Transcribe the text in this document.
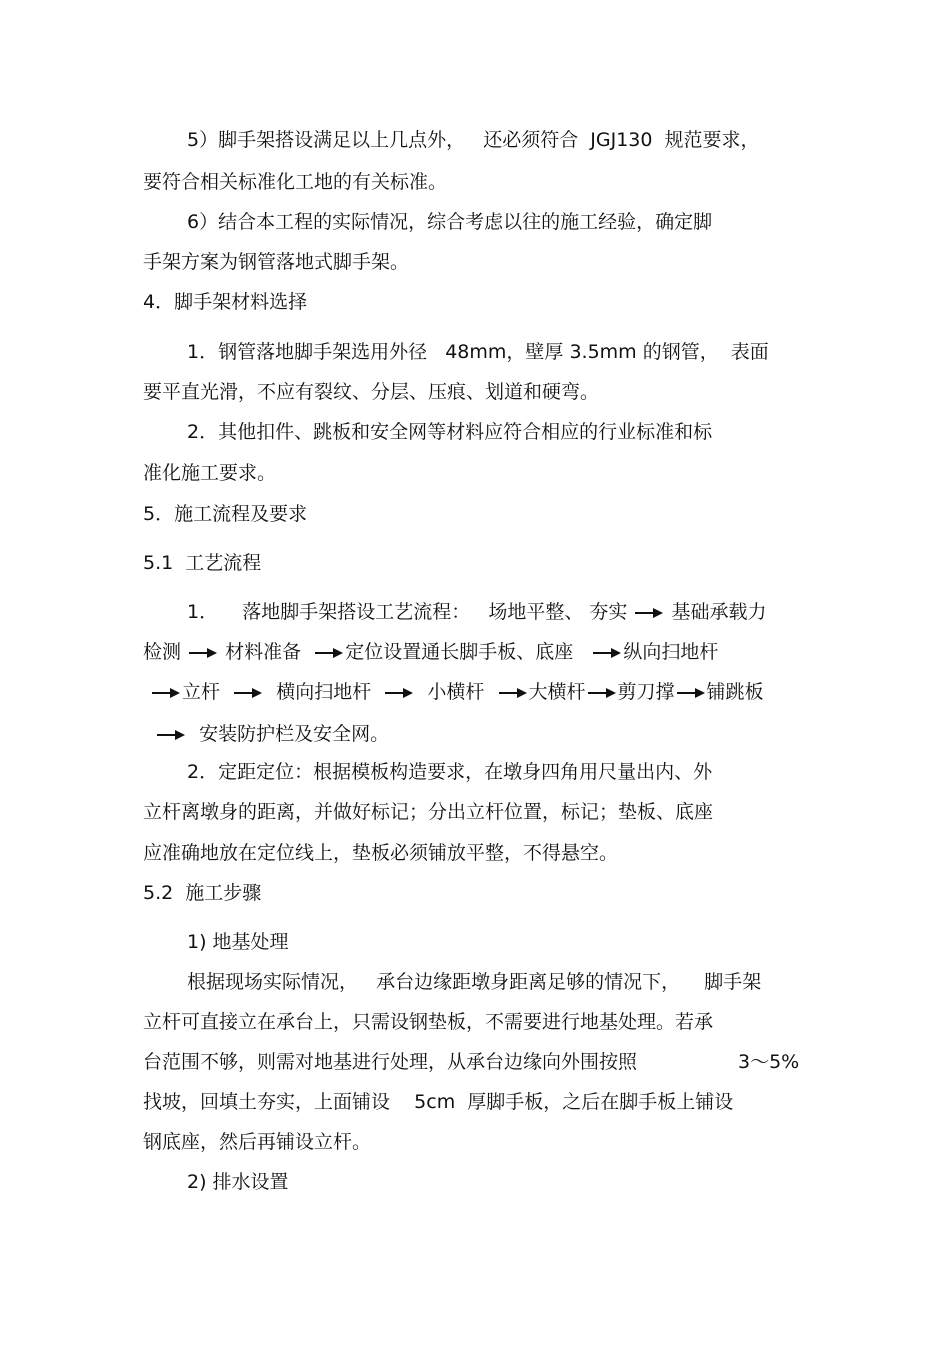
5）脚手架搭设满足以上几点外，   还必须符合  JGJ130  规范要求，
要符合相关标准化工地的有关标准。
6）结合本工程的实际情况，综合考虑以往的施工经验，确定脚
手架方案为钢管落地式脚手架。
4．脚手架材料选择
1．钢管落地脚手架选用外径   48mm，壁厚 3.5mm 的钢管，  表面
要平直光滑，不应有裂纹、分层、压痕、划道和硬弯。
2．其他扣件、跳板和安全网等材料应符合相应的行业标准和标
准化施工要求。
5．施工流程及要求
5.1  工艺流程
1．    落地脚手架搭设工艺流程：   场地平整、 夯实 基础承载力
检测 材料准备 定位设置通长脚手板、底座	纵向扫地杆
立杆	横向扫地杆	小横杆 大横杆 剪刀撑 铺跳板
安装防护栏及安全网。
2．定距定位：根据模板构造要求，在墩身四角用尺量出内、外
立杆离墩身的距离，并做好标记；分出立杆位置，标记；垫板、底座
应准确地放在定位线上，垫板必须铺放平整，不得悬空。
5.2  施工步骤
1) 地基处理
根据现场实际情况，   承台边缘距墩身距离足够的情况下，    脚手架
立杆可直接立在承台上，只需设钢垫板，不需要进行地基处理。若承
台范围不够，则需对地基进行处理，从承台边缘向外围按照	3～5%
找坡，回填土夯实，上面铺设    5cm  厚脚手板，之后在脚手板上铺设
钢底座，然后再铺设立杆。
2) 排水设置
